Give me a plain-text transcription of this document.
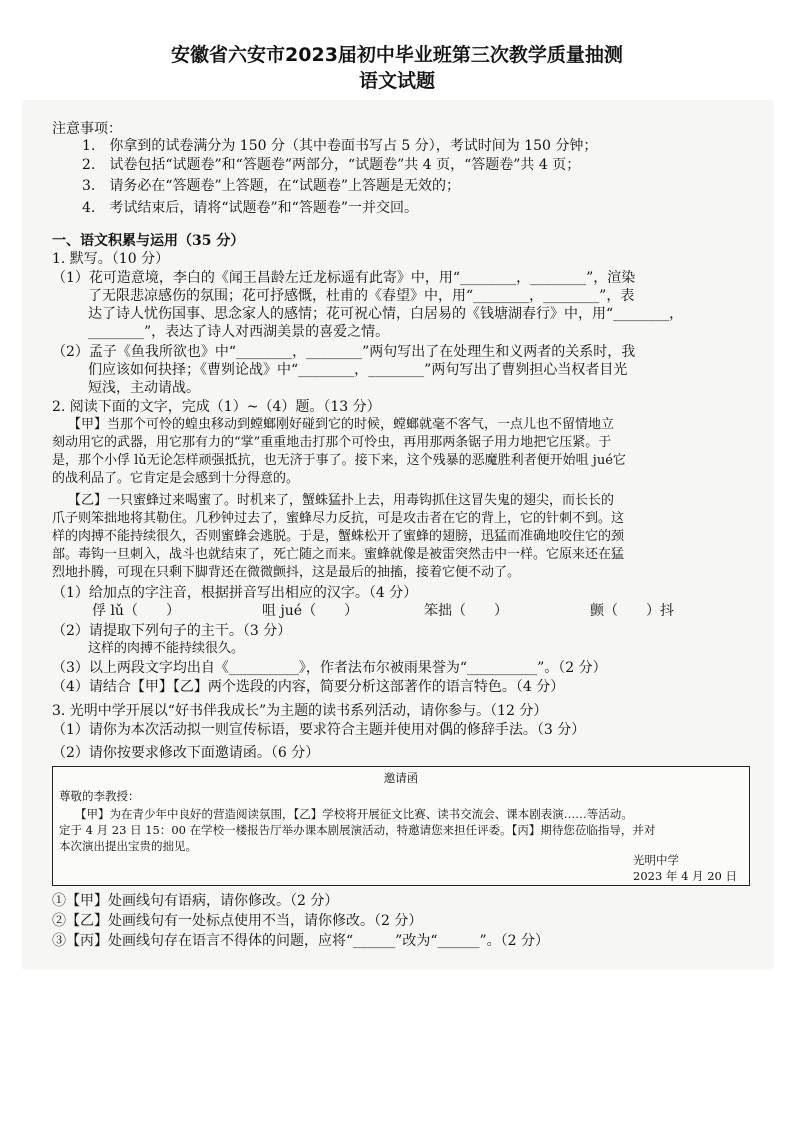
安徽省六安市2023届初中毕业班第三次教学质量抽测
语文试题
注意事项：
1.　你拿到的试卷满分为 150 分（其中卷面书写占 5 分），考试时间为 150 分钟；
2.　试卷包括“试题卷”和“答题卷”两部分，“试题卷”共 4 页，“答题卷”共 4 页；
3.　请务必在“答题卷”上答题，在“试题卷”上答题是无效的；
4.　考试结束后，请将“试题卷”和“答题卷”一并交回。
一、语文积累与运用（35 分）
1. 默写。（10 分）
（1）花可造意境，李白的《闻王昌龄左迁龙标遥有此寄》中，用“________，________”，渲染
了无限悲凉感伤的氛围；花可抒感慨，杜甫的《春望》中，用“________，________”，表
达了诗人忧伤国事、思念家人的感情；花可祝心情，白居易的《钱塘湖春行》中，用“________，
________”，表达了诗人对西湖美景的喜爱之情。
（2）孟子《鱼我所欲也》中“________，________”两句写出了在处理生和义两者的关系时，我
们应该如何抉择；《曹刿论战》中“________，________”两句写出了曹刿担心当权者目光
短浅，主动请战。
2. 阅读下面的文字，完成（1）~（4）题。（13 分）
【甲】当那个可怜的蝗虫移动到螳螂刚好碰到它的时候，螳螂就毫不客气，一点儿也不留情地立
刻动用它的武器，用它那有力的“掌”重重地击打那个可怜虫，再用那两条锯子用力地把它压紧。于
是，那个小俘 lǔ无论怎样顽强抵抗，也无济于事了。接下来，这个残暴的恶魔胜利者便开始咀 jué它
的战利品了。它肯定是会感到十分得意的。
【乙】一只蜜蜂过来喝蜜了。时机来了，蟹蛛猛扑上去，用毒钩抓住这冒失鬼的翅尖，而长长的
爪子则笨拙地将其勒住。几秒钟过去了，蜜蜂尽力反抗，可是攻击者在它的背上，它的针刺不到。这
样的肉搏不能持续很久，否则蜜蜂会逃脱。于是，蟹蛛松开了蜜蜂的翅膀，迅猛而准确地咬住它的颈
部。毒钩一旦刺入，战斗也就结束了，死亡随之而来。蜜蜂就像是被雷突然击中一样。它原来还在猛
烈地扑腾，可现在只剩下脚背还在微微颤抖，这是最后的抽搐，接着它便不动了。
（1）给加点的字注音，根据拼音写出相应的汉字。（4 分）
俘 lǔ（　　）	咀 jué（　　）	笨拙（　　）	颤（　　）抖
（2）请提取下列句子的主干。（3 分）
这样的肉搏不能持续很久。
（3）以上两段文字均出自《__________》，作者法布尔被雨果誉为“__________”。（2 分）
（4）请结合【甲】【乙】两个选段的内容，简要分析这部著作的语言特色。（4 分）
3. 光明中学开展以“好书伴我成长”为主题的读书系列活动，请你参与。（12 分）
（1）请你为本次活动拟一则宣传标语，要求符合主题并使用对偶的修辞手法。（3 分）
（2）请你按要求修改下面邀请函。（6 分）
邀请函
尊敬的李教授：
【甲】为在青少年中良好的营造阅读氛围，【乙】学校将开展征文比赛、读书交流会、课本剧表演……等活动。
定于 4 月 23 日 15：00 在学校一楼报告厅举办课本剧展演活动，特邀请您来担任评委。【丙】期待您莅临指导，并对
本次演出提出宝贵的拙见。
光明中学
2023 年 4 月 20 日
①【甲】处画线句有语病，请你修改。（2 分）
②【乙】处画线句有一处标点使用不当，请你修改。（2 分）
③【丙】处画线句存在语言不得体的问题，应将“______”改为“______”。（2 分）
